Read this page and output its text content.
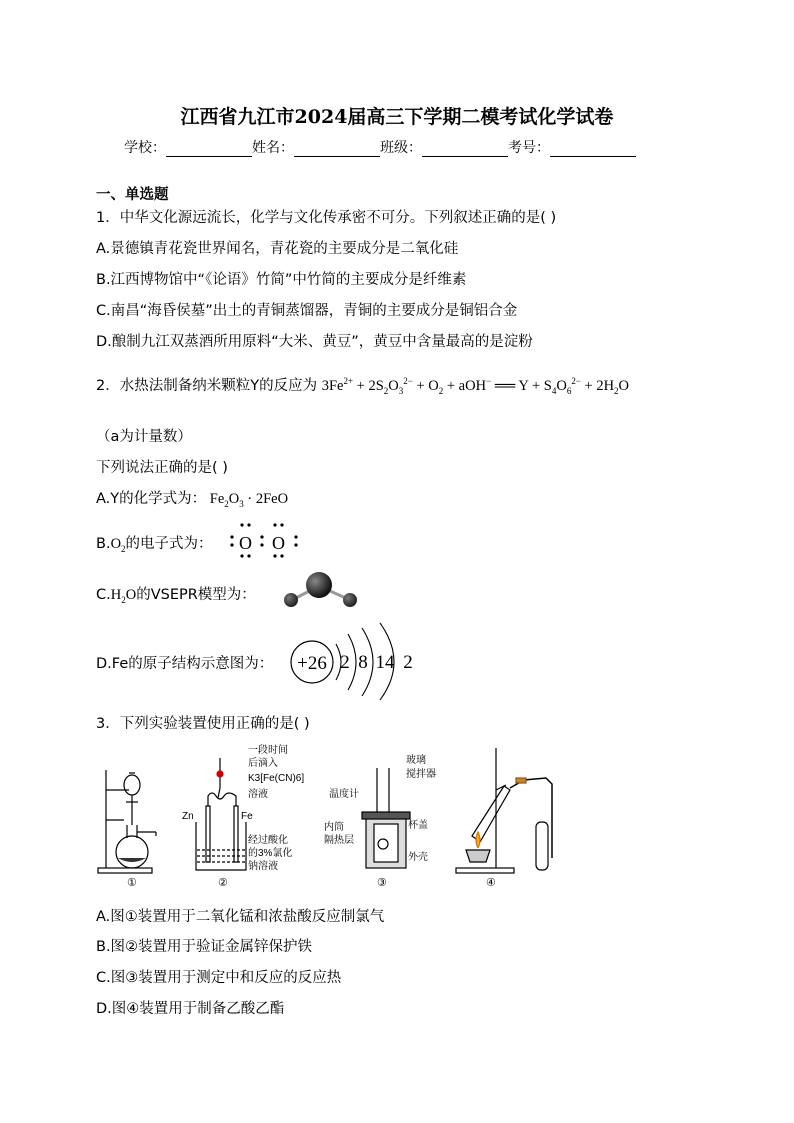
江西省九江市2024届高三下学期二模考试化学试卷
学校：	姓名：	班级：	考号：
一、单选题
1．中华文化源远流长，化学与文化传承密不可分。下列叙述正确的是( )
A.景德镇青花瓷世界闻名，青花瓷的主要成分是二氧化硅
B.江西博物馆中“《论语》竹简”中竹简的主要成分是纤维素
C.南昌“海昏侯墓”出土的青铜蒸馏器，青铜的主要成分是铜铝合金
D.酿制九江双蒸酒所用原料“大米、黄豆”，黄豆中含量最高的是淀粉
2．水热法制备纳米颗粒Y的反应为 $3Fe^{2+} + 2S_2O_3^{2-} + O_2 + aOH^-$ ══ $Y + S_4O_6^{2-} + 2H_2O$
（a为计量数）
下列说法正确的是( )
A.Y的化学式为： $Fe_2O_3 \cdot 2FeO$
$B.O_2$的电子式为： O O
$C.H_2O$的VSEPR模型为：
D.Fe的原子结构示意图为： +26 2 8 14 2
3．下列实验装置使用正确的是( )
①
Zn	Fe
一段时间
后滴入
K3[Fe(CN)6]
溶液
经过酸化
的3%氯化
钠溶液
②
温度计
玻璃
搅拌器
内筒
隔热层
杯盖
外壳
③	④
A.图①装置用于二氧化锰和浓盐酸反应制氯气
B.图②装置用于验证金属锌保护铁
C.图③装置用于测定中和反应的反应热
D.图④装置用于制备乙酸乙酯
